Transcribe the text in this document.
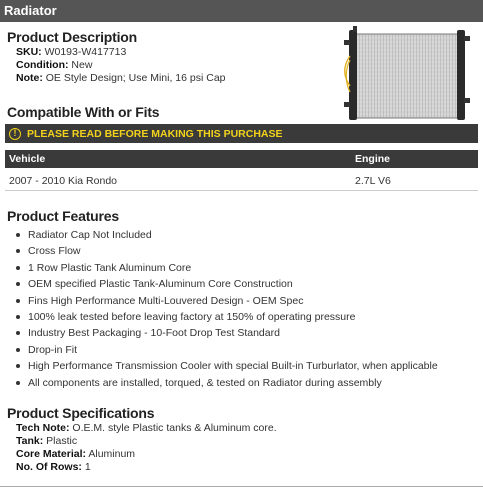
Radiator
Product Description
SKU: W0193-W417713
Condition: New
Note: OE Style Design; Use Mini, 16 psi Cap
Compatible With or Fits
!	PLEASE READ BEFORE MAKING THIS PURCHASE
Vehicle	Engine
2007 - 2010 Kia Rondo	2.7L V6
Product Features
Radiator Cap Not Included
Cross Flow
1 Row Plastic Tank Aluminum Core
OEM specified Plastic Tank-Aluminum Core Construction
Fins High Performance Multi-Louvered Design - OEM Spec
100% leak tested before leaving factory at 150% of operating pressure
Industry Best Packaging - 10-Foot Drop Test Standard
Drop-in Fit
High Performance Transmission Cooler with special Built-in Turburlator, when applicable
All components are installed, torqued, & tested on Radiator during assembly
Product Specifications
Tech Note: O.E.M. style Plastic tanks & Aluminum core.
Tank: Plastic
Core Material: Aluminum
No. Of Rows: 1
